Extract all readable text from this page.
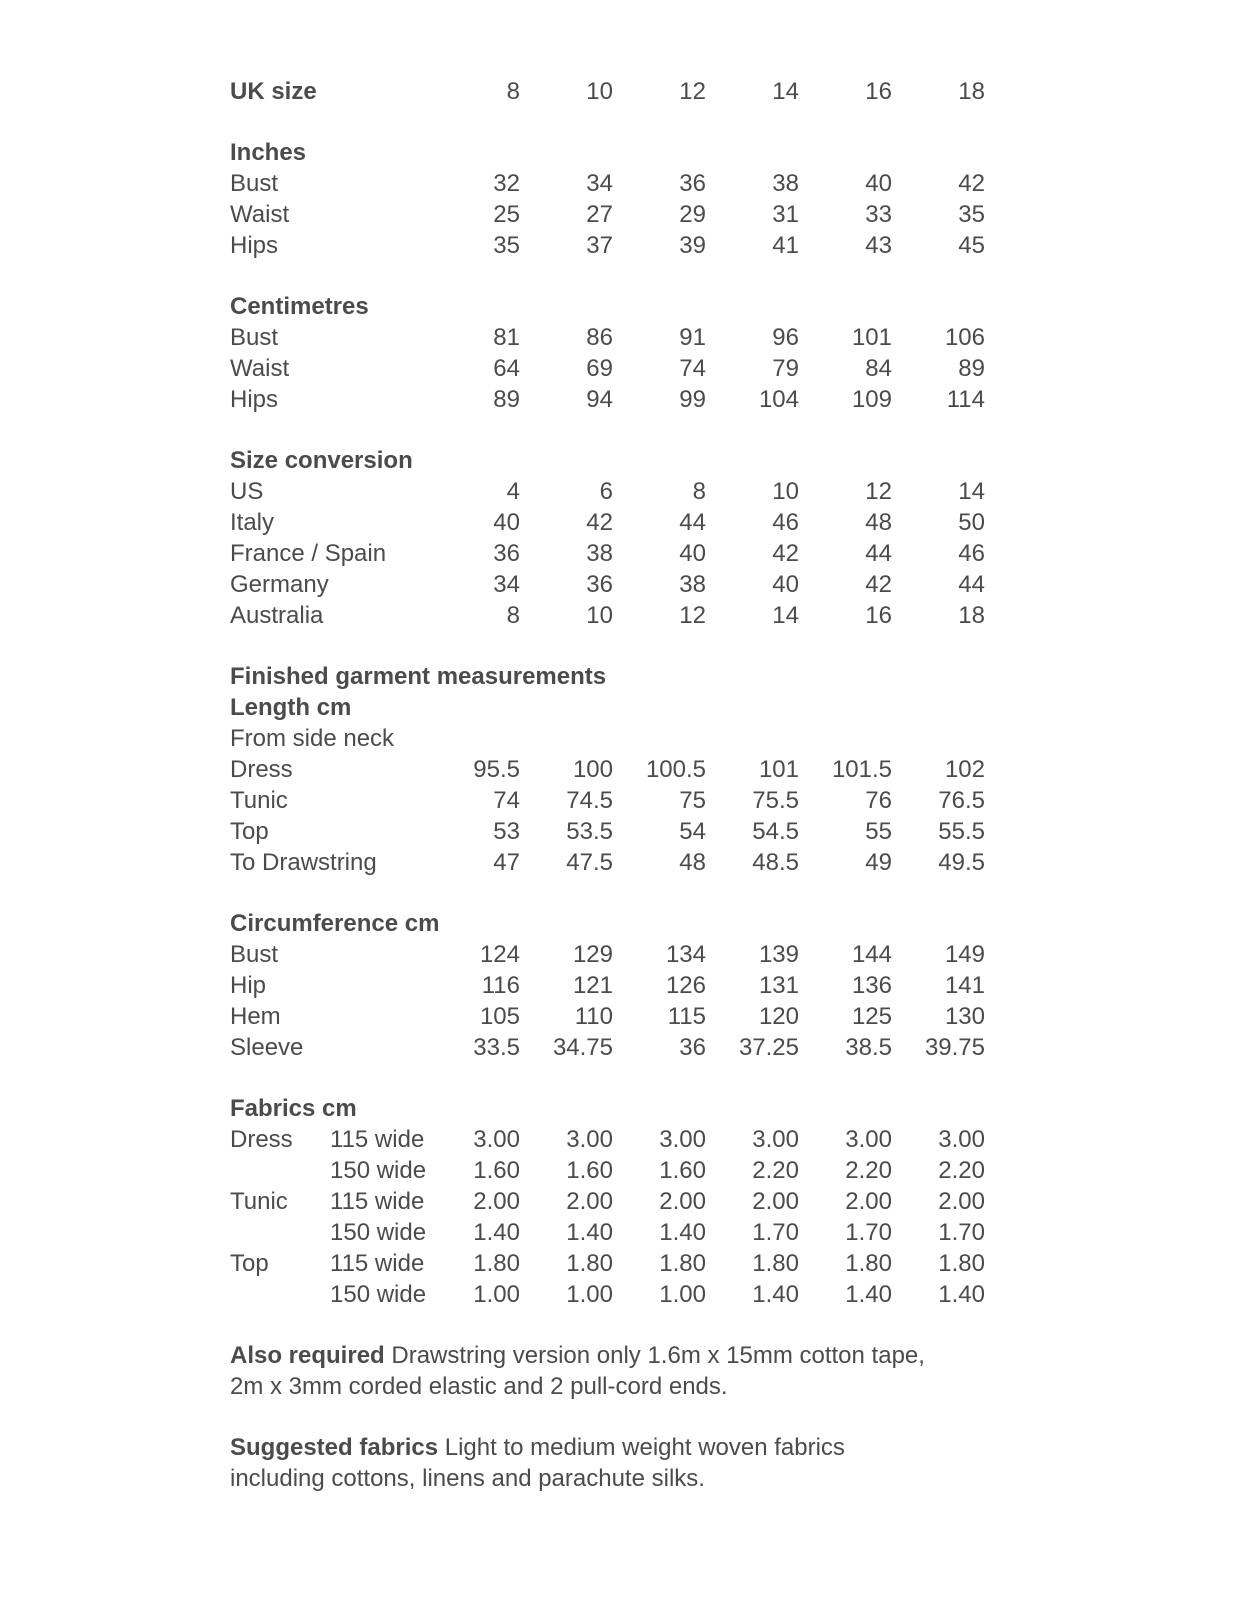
UK size	8	10	12	14	16	18
Inches
Bust	32	34	36	38	40	42
Waist	25	27	29	31	33	35
Hips	35	37	39	41	43	45
Centimetres
Bust	81	86	91	96	101	106
Waist	64	69	74	79	84	89
Hips	89	94	99	104	109	114
Size conversion
US	4	6	8	10	12	14
Italy	40	42	44	46	48	50
France / Spain	36	38	40	42	44	46
Germany	34	36	38	40	42	44
Australia	8	10	12	14	16	18
Finished garment measurements
Length cm
From side neck
Dress	95.5	100	100.5	101	101.5	102
Tunic	74	74.5	75	75.5	76	76.5
Top	53	53.5	54	54.5	55	55.5
To Drawstring	47	47.5	48	48.5	49	49.5
Circumference cm
Bust	124	129	134	139	144	149
Hip	116	121	126	131	136	141
Hem	105	110	115	120	125	130
Sleeve	33.5	34.75	36	37.25	38.5	39.75
Fabrics cm
Dress	115 wide	3.00	3.00	3.00	3.00	3.00	3.00
150 wide	1.60	1.60	1.60	2.20	2.20	2.20
Tunic	115 wide	2.00	2.00	2.00	2.00	2.00	2.00
150 wide	1.40	1.40	1.40	1.70	1.70	1.70
Top	115 wide	1.80	1.80	1.80	1.80	1.80	1.80
150 wide	1.00	1.00	1.00	1.40	1.40	1.40

Also required Drawstring version only 1.6m x 15mm cotton tape, 2m x 3mm corded elastic and 2 pull-cord ends.

Suggested fabrics Light to medium weight woven fabrics including cottons, linens and parachute silks.
